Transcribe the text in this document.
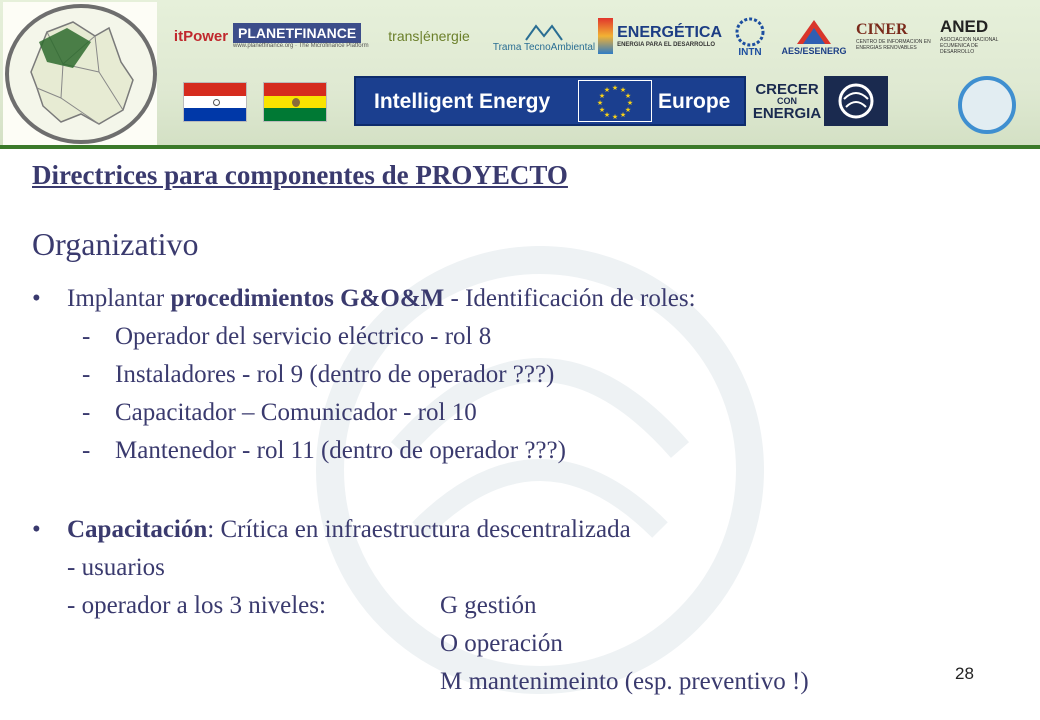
itPower PLANETFINANCE
www.planetfinance.org · The Microfinance Platform
trans|énergie
Trama TecnoAmbiental
ENERGÉTICA
ENERGIA PARA EL DESARROLLO
INTN AES/ESENERG
CINER
CENTRO DE INFORMACION EN ENERGIAS RENOVABLES
ANED
ASOCIACION NACIONAL ECUMENICA DE DESARROLLO
Intelligent Energy
★ ★
★
★
★
★
★
★
★
★
★
★ Europe
CRECER
CON
ENERGIA
Directrices para componentes de PROYECTO
Organizativo
• Implantar procedimientos G&O&M - Identificación de roles:
- Operador del servicio eléctrico - rol 8
- Instaladores - rol 9 (dentro de operador ???)
- Capacitador – Comunicador - rol 10
- Mantenedor - rol 11 (dentro de operador ???)
• Capacitación: Crítica en infraestructura descentralizada
- usuarios
- operador a los 3 niveles:	G gestión
O operación
M mantenimeinto (esp. preventivo !)	28
